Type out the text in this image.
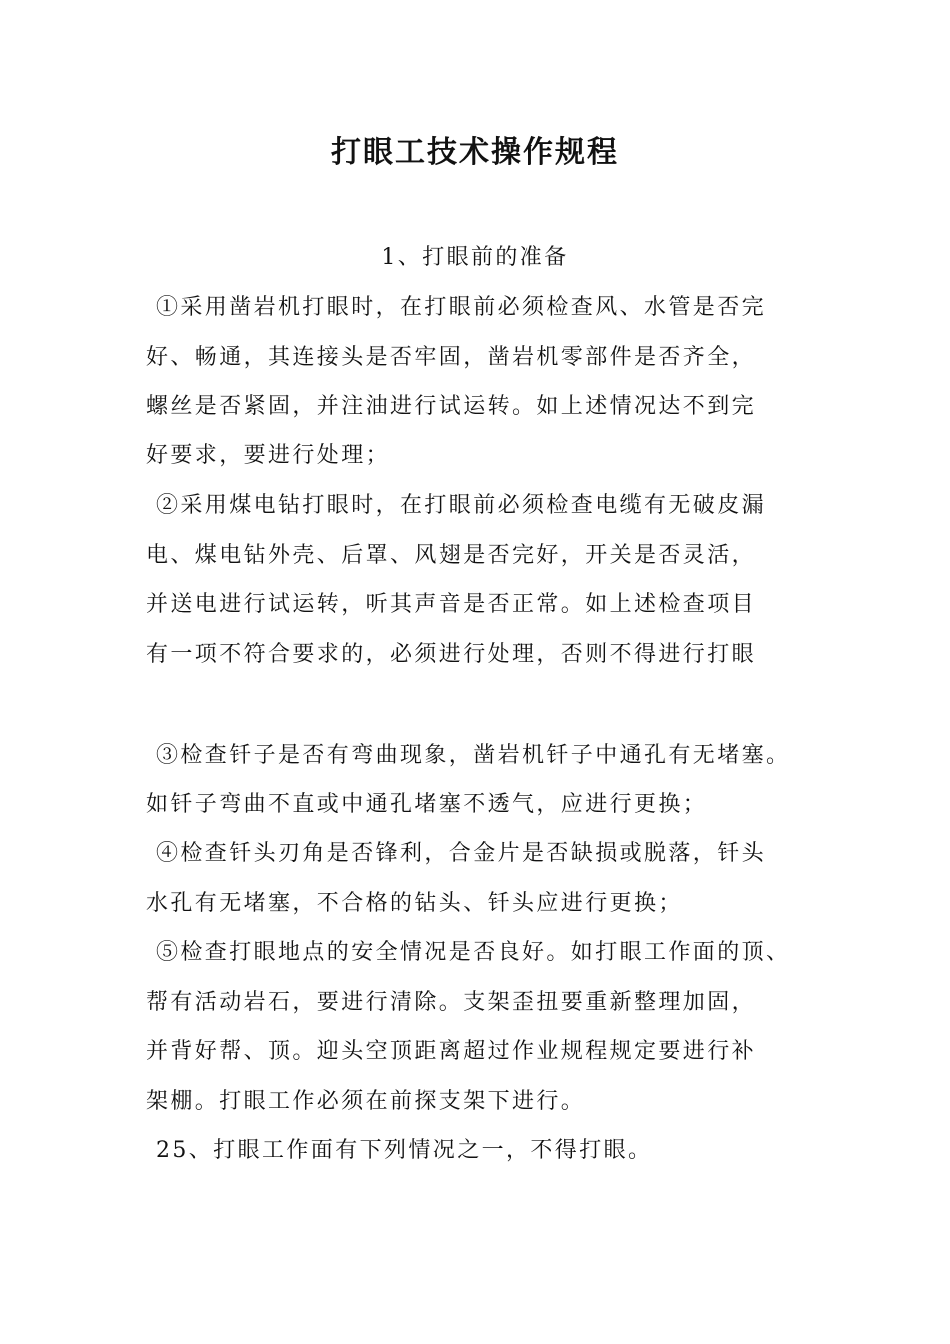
打眼工技术操作规程
1、打眼前的准备
①采用凿岩机打眼时，在打眼前必须检查风、水管是否完
好、畅通，其连接头是否牢固，凿岩机零部件是否齐全，
螺丝是否紧固，并注油进行试运转。如上述情况达不到完
好要求，要进行处理；
②采用煤电钻打眼时，在打眼前必须检查电缆有无破皮漏
电、煤电钻外壳、后罩、风翅是否完好，开关是否灵活，
并送电进行试运转，听其声音是否正常。如上述检查项目
有一项不符合要求的，必须进行处理，否则不得进行打眼
③检查钎子是否有弯曲现象，凿岩机钎子中通孔有无堵塞。
如钎子弯曲不直或中通孔堵塞不透气，应进行更换；
④检查钎头刃角是否锋利，合金片是否缺损或脱落，钎头
水孔有无堵塞，不合格的钻头、钎头应进行更换；
⑤检查打眼地点的安全情况是否良好。如打眼工作面的顶、
帮有活动岩石，要进行清除。支架歪扭要重新整理加固，
并背好帮、顶。迎头空顶距离超过作业规程规定要进行补
架棚。打眼工作必须在前探支架下进行。
25、打眼工作面有下列情况之一，不得打眼。
